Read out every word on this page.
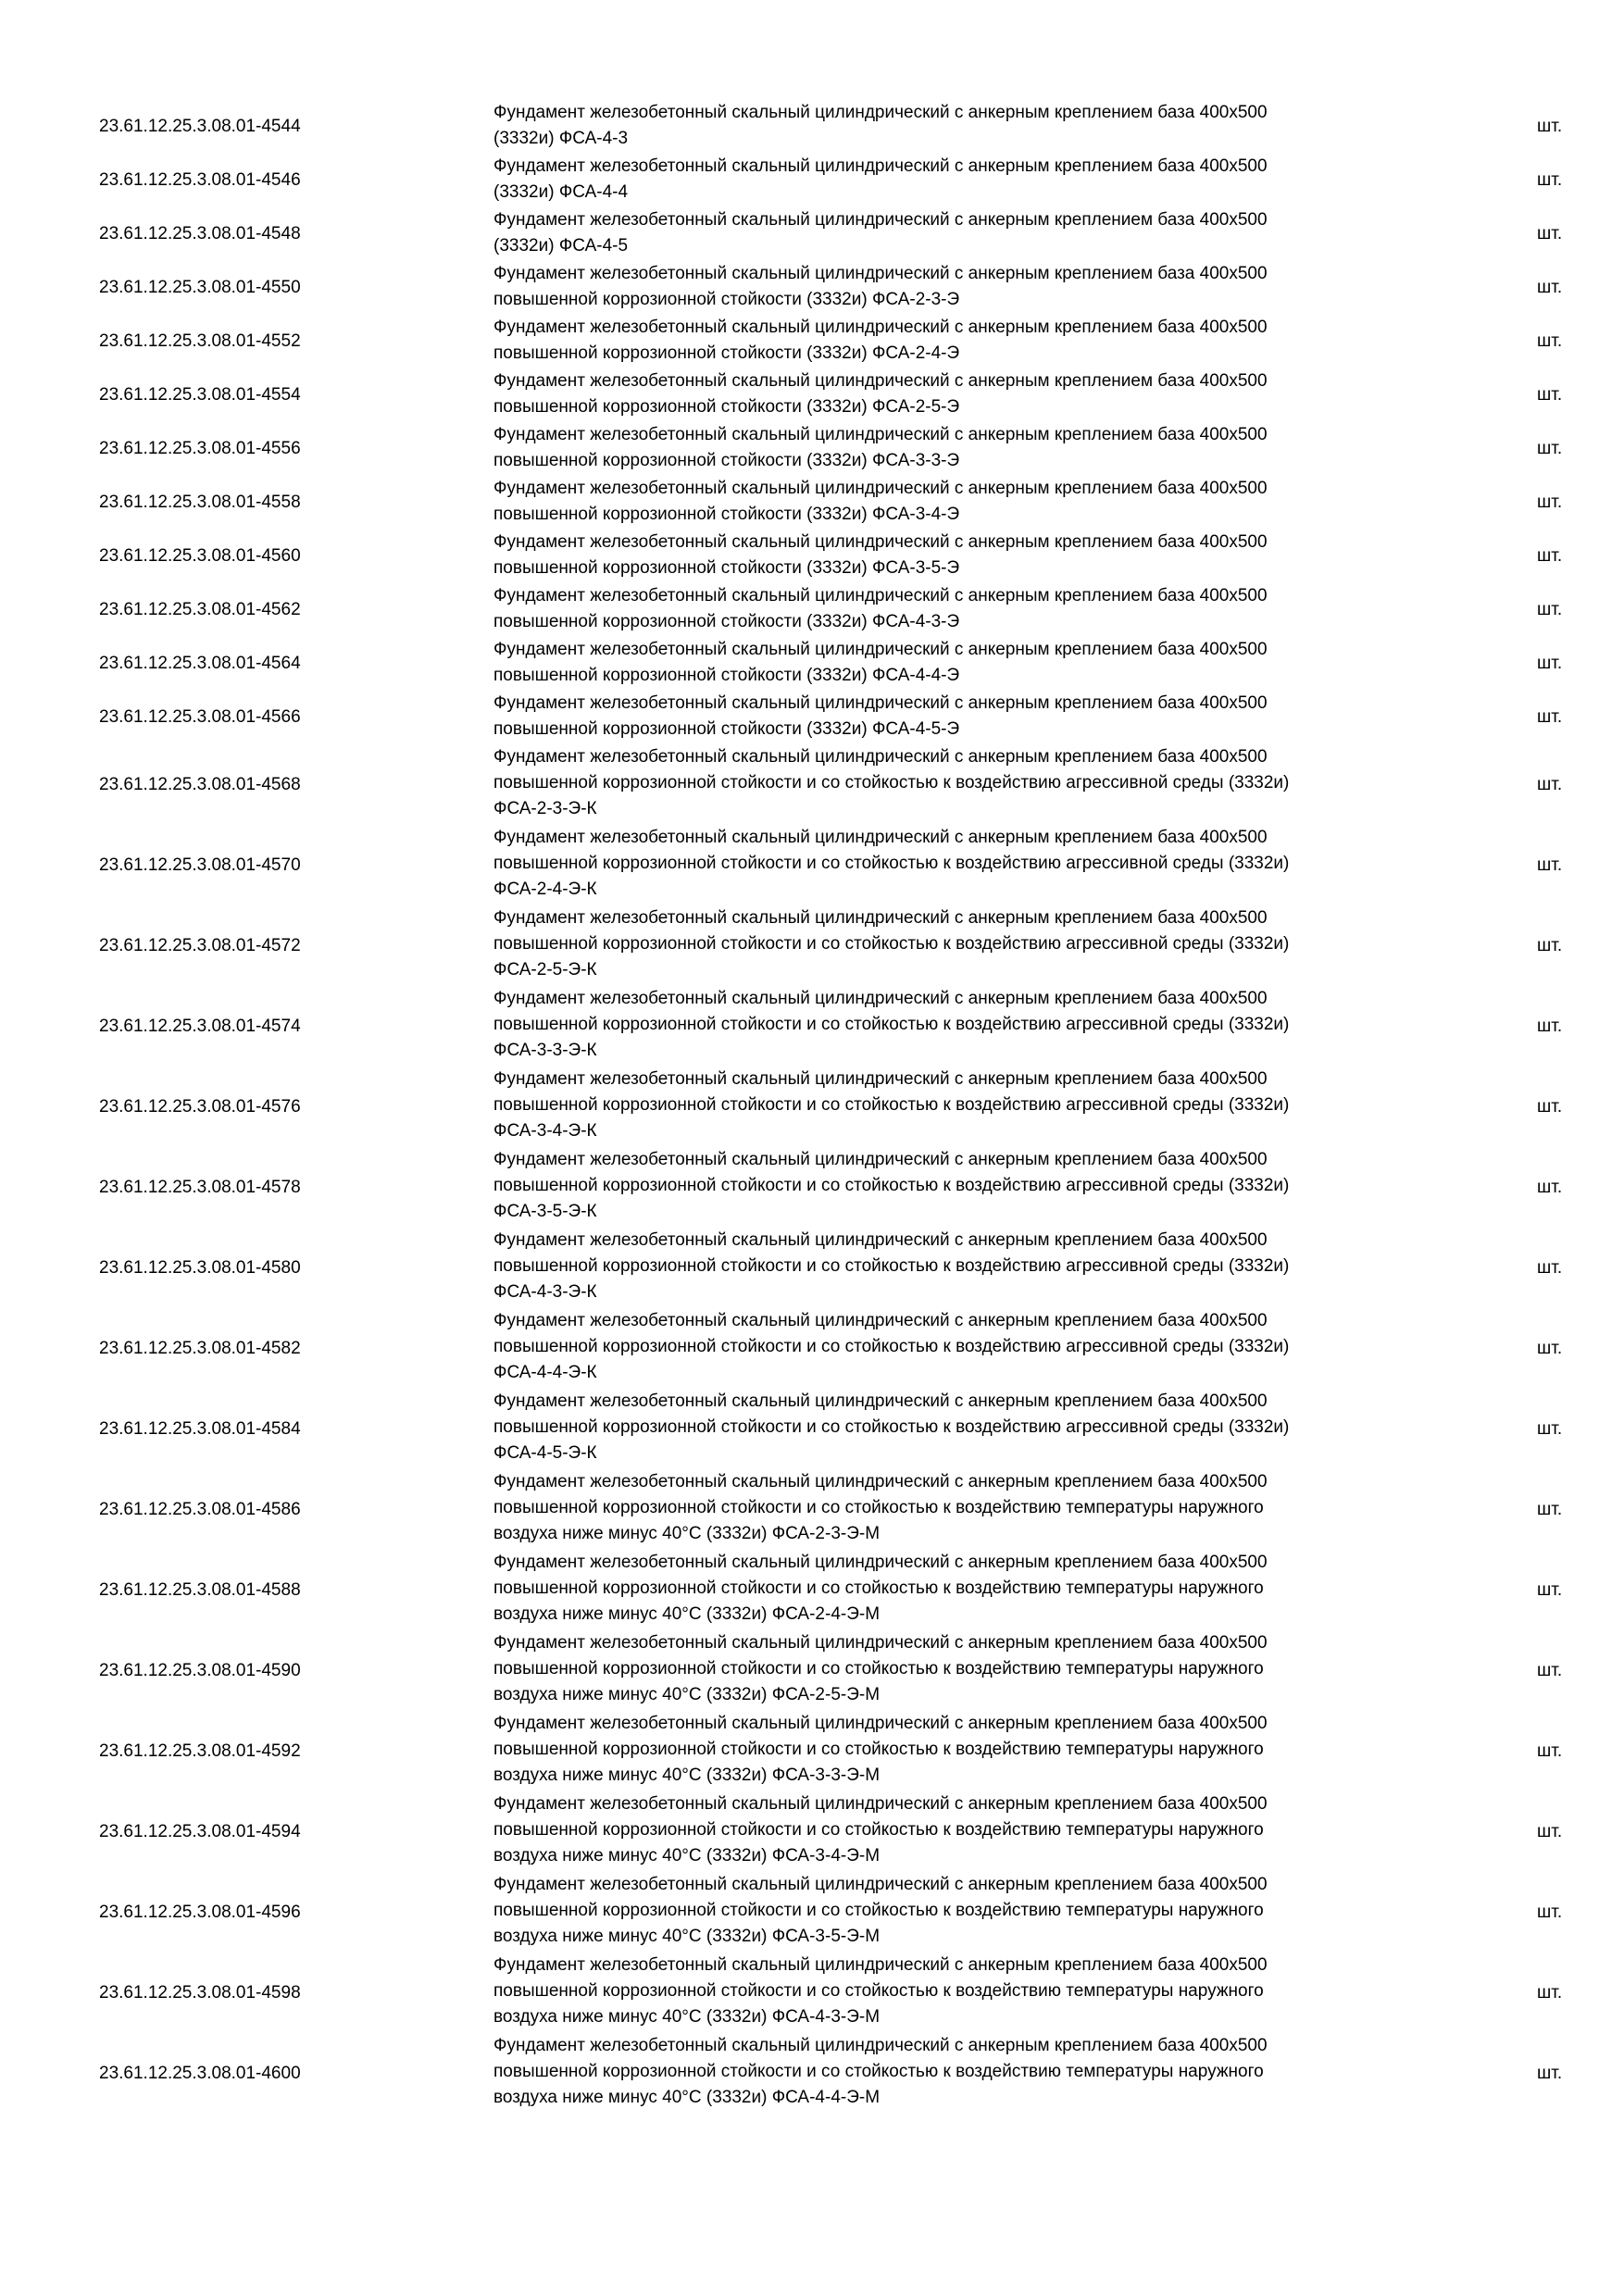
23.61.12.25.3.08.01-4544
Фундамент железобетонный скальный цилиндрический с анкерным креплением база 400х500
(3332и) ФСА-4-3
шт.
23.61.12.25.3.08.01-4546
Фундамент железобетонный скальный цилиндрический с анкерным креплением база 400х500
(3332и) ФСА-4-4
шт.
23.61.12.25.3.08.01-4548
Фундамент железобетонный скальный цилиндрический с анкерным креплением база 400х500
(3332и) ФСА-4-5
шт.
23.61.12.25.3.08.01-4550
Фундамент железобетонный скальный цилиндрический с анкерным креплением база 400х500
повышенной коррозионной стойкости (3332и) ФСА-2-3-Э
шт.
23.61.12.25.3.08.01-4552
Фундамент железобетонный скальный цилиндрический с анкерным креплением база 400х500
повышенной коррозионной стойкости (3332и) ФСА-2-4-Э
шт.
23.61.12.25.3.08.01-4554
Фундамент железобетонный скальный цилиндрический с анкерным креплением база 400х500
повышенной коррозионной стойкости (3332и) ФСА-2-5-Э
шт.
23.61.12.25.3.08.01-4556
Фундамент железобетонный скальный цилиндрический с анкерным креплением база 400х500
повышенной коррозионной стойкости (3332и) ФСА-3-3-Э
шт.
23.61.12.25.3.08.01-4558
Фундамент железобетонный скальный цилиндрический с анкерным креплением база 400х500
повышенной коррозионной стойкости (3332и) ФСА-3-4-Э
шт.
23.61.12.25.3.08.01-4560
Фундамент железобетонный скальный цилиндрический с анкерным креплением база 400х500
повышенной коррозионной стойкости (3332и) ФСА-3-5-Э
шт.
23.61.12.25.3.08.01-4562
Фундамент железобетонный скальный цилиндрический с анкерным креплением база 400х500
повышенной коррозионной стойкости (3332и) ФСА-4-3-Э
шт.
23.61.12.25.3.08.01-4564
Фундамент железобетонный скальный цилиндрический с анкерным креплением база 400х500
повышенной коррозионной стойкости (3332и) ФСА-4-4-Э
шт.
23.61.12.25.3.08.01-4566
Фундамент железобетонный скальный цилиндрический с анкерным креплением база 400х500
повышенной коррозионной стойкости (3332и) ФСА-4-5-Э
шт.
23.61.12.25.3.08.01-4568
Фундамент железобетонный скальный цилиндрический с анкерным креплением база 400х500
повышенной коррозионной стойкости и со стойкостью к воздействию агрессивной среды (3332и)
ФСА-2-3-Э-К
шт.
23.61.12.25.3.08.01-4570
Фундамент железобетонный скальный цилиндрический с анкерным креплением база 400х500
повышенной коррозионной стойкости и со стойкостью к воздействию агрессивной среды (3332и)
ФСА-2-4-Э-К
шт.
23.61.12.25.3.08.01-4572
Фундамент железобетонный скальный цилиндрический с анкерным креплением база 400х500
повышенной коррозионной стойкости и со стойкостью к воздействию агрессивной среды (3332и)
ФСА-2-5-Э-К
шт.
23.61.12.25.3.08.01-4574
Фундамент железобетонный скальный цилиндрический с анкерным креплением база 400х500
повышенной коррозионной стойкости и со стойкостью к воздействию агрессивной среды (3332и)
ФСА-3-3-Э-К
шт.
23.61.12.25.3.08.01-4576
Фундамент железобетонный скальный цилиндрический с анкерным креплением база 400х500
повышенной коррозионной стойкости и со стойкостью к воздействию агрессивной среды (3332и)
ФСА-3-4-Э-К
шт.
23.61.12.25.3.08.01-4578
Фундамент железобетонный скальный цилиндрический с анкерным креплением база 400х500
повышенной коррозионной стойкости и со стойкостью к воздействию агрессивной среды (3332и)
ФСА-3-5-Э-К
шт.
23.61.12.25.3.08.01-4580
Фундамент железобетонный скальный цилиндрический с анкерным креплением база 400х500
повышенной коррозионной стойкости и со стойкостью к воздействию агрессивной среды (3332и)
ФСА-4-3-Э-К
шт.
23.61.12.25.3.08.01-4582
Фундамент железобетонный скальный цилиндрический с анкерным креплением база 400х500
повышенной коррозионной стойкости и со стойкостью к воздействию агрессивной среды (3332и)
ФСА-4-4-Э-К
шт.
23.61.12.25.3.08.01-4584
Фундамент железобетонный скальный цилиндрический с анкерным креплением база 400х500
повышенной коррозионной стойкости и со стойкостью к воздействию агрессивной среды (3332и)
ФСА-4-5-Э-К
шт.
23.61.12.25.3.08.01-4586
Фундамент железобетонный скальный цилиндрический с анкерным креплением база 400х500
повышенной коррозионной стойкости и со стойкостью к воздействию температуры наружного
воздуха ниже минус 40°С (3332и) ФСА-2-3-Э-М
шт.
23.61.12.25.3.08.01-4588
Фундамент железобетонный скальный цилиндрический с анкерным креплением база 400х500
повышенной коррозионной стойкости и со стойкостью к воздействию температуры наружного
воздуха ниже минус 40°С (3332и) ФСА-2-4-Э-М
шт.
23.61.12.25.3.08.01-4590
Фундамент железобетонный скальный цилиндрический с анкерным креплением база 400х500
повышенной коррозионной стойкости и со стойкостью к воздействию температуры наружного
воздуха ниже минус 40°С (3332и) ФСА-2-5-Э-М
шт.
23.61.12.25.3.08.01-4592
Фундамент железобетонный скальный цилиндрический с анкерным креплением база 400х500
повышенной коррозионной стойкости и со стойкостью к воздействию температуры наружного
воздуха ниже минус 40°С (3332и) ФСА-3-3-Э-М
шт.
23.61.12.25.3.08.01-4594
Фундамент железобетонный скальный цилиндрический с анкерным креплением база 400х500
повышенной коррозионной стойкости и со стойкостью к воздействию температуры наружного
воздуха ниже минус 40°С (3332и) ФСА-3-4-Э-М
шт.
23.61.12.25.3.08.01-4596
Фундамент железобетонный скальный цилиндрический с анкерным креплением база 400х500
повышенной коррозионной стойкости и со стойкостью к воздействию температуры наружного
воздуха ниже минус 40°С (3332и) ФСА-3-5-Э-М
шт.
23.61.12.25.3.08.01-4598
Фундамент железобетонный скальный цилиндрический с анкерным креплением база 400х500
повышенной коррозионной стойкости и со стойкостью к воздействию температуры наружного
воздуха ниже минус 40°С (3332и) ФСА-4-3-Э-М
шт.
23.61.12.25.3.08.01-4600
Фундамент железобетонный скальный цилиндрический с анкерным креплением база 400х500
повышенной коррозионной стойкости и со стойкостью к воздействию температуры наружного
воздуха ниже минус 40°С (3332и) ФСА-4-4-Э-М
шт.
